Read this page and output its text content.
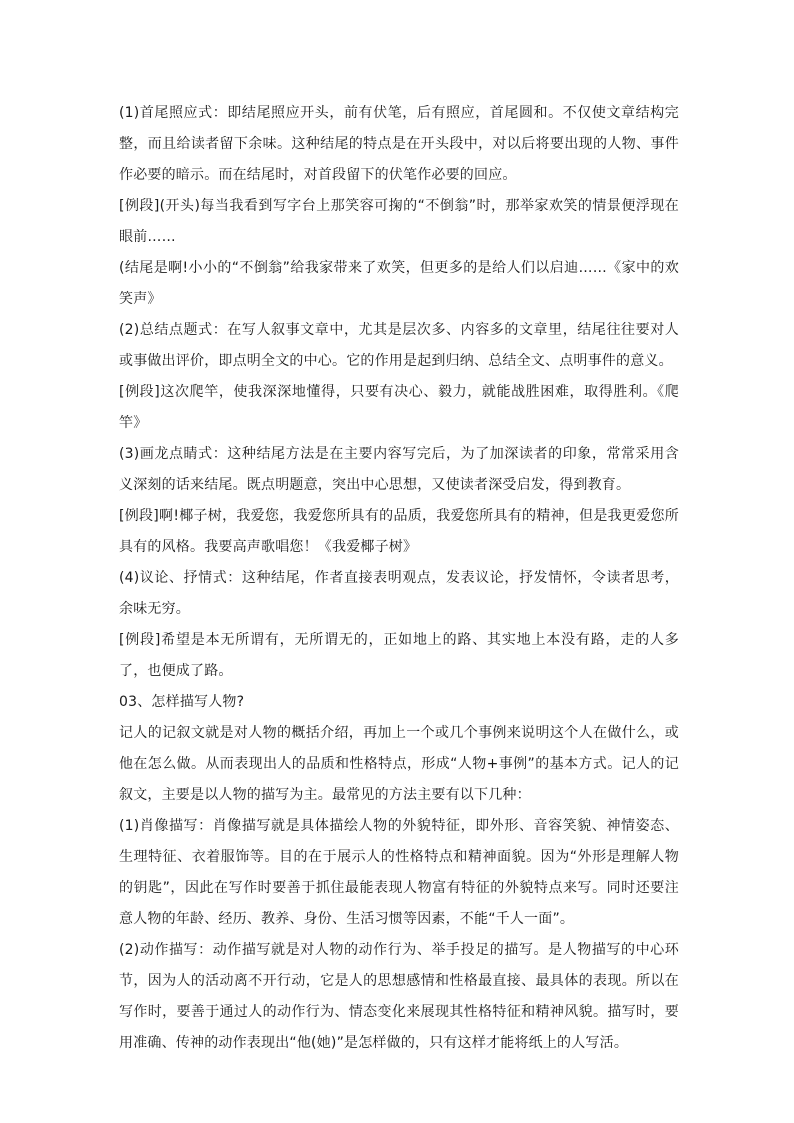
(1)首尾照应式：即结尾照应开头，前有伏笔，后有照应，首尾圆和。不仅使文章结构完整，而且给读者留下余味。这种结尾的特点是在开头段中，对以后将要出现的人物、事件作必要的暗示。而在结尾时，对首段留下的伏笔作必要的回应。

[例段](开头)每当我看到写字台上那笑容可掬的“不倒翁”时，那举家欢笑的情景便浮现在眼前……

(结尾是啊!小小的“不倒翁”给我家带来了欢笑，但更多的是给人们以启迪……《家中的欢笑声》

(2)总结点题式：在写人叙事文章中，尤其是层次多、内容多的文章里，结尾往往要对人或事做出评价，即点明全文的中心。它的作用是起到归纳、总结全文、点明事件的意义。

[例段]这次爬竿，使我深深地懂得，只要有决心、毅力，就能战胜困难，取得胜利。《爬竿》

(3)画龙点睛式：这种结尾方法是在主要内容写完后，为了加深读者的印象，常常采用含义深刻的话来结尾。既点明题意，突出中心思想，又使读者深受启发，得到教育。

[例段]啊!椰子树，我爱您，我爱您所具有的品质，我爱您所具有的精神，但是我更爱您所具有的风格。我要高声歌唱您！《我爱椰子树》

(4)议论、抒情式：这种结尾，作者直接表明观点，发表议论，抒发情怀，令读者思考，余味无穷。

[例段]希望是本无所谓有，无所谓无的，正如地上的路、其实地上本没有路，走的人多了，也便成了路。

03、怎样描写人物?

记人的记叙文就是对人物的概括介绍，再加上一个或几个事例来说明这个人在做什么，或他在怎么做。从而表现出人的品质和性格特点，形成“人物+事例”的基本方式。记人的记叙文，主要是以人物的描写为主。最常见的方法主要有以下几种：

(1)肖像描写：肖像描写就是具体描绘人物的外貌特征，即外形、音容笑貌、神情姿态、生理特征、衣着服饰等。目的在于展示人的性格特点和精神面貌。因为“外形是理解人物的钥匙”，因此在写作时要善于抓住最能表现人物富有特征的外貌特点来写。同时还要注意人物的年龄、经历、教养、身份、生活习惯等因素，不能“千人一面”。

(2)动作描写：动作描写就是对人物的动作行为、举手投足的描写。是人物描写的中心环节，因为人的活动离不开行动，它是人的思想感情和性格最直接、最具体的表现。所以在写作时，要善于通过人的动作行为、情态变化来展现其性格特征和精神风貌。描写时，要用准确、传神的动作表现出“他(她)”是怎样做的，只有这样才能将纸上的人写活。
